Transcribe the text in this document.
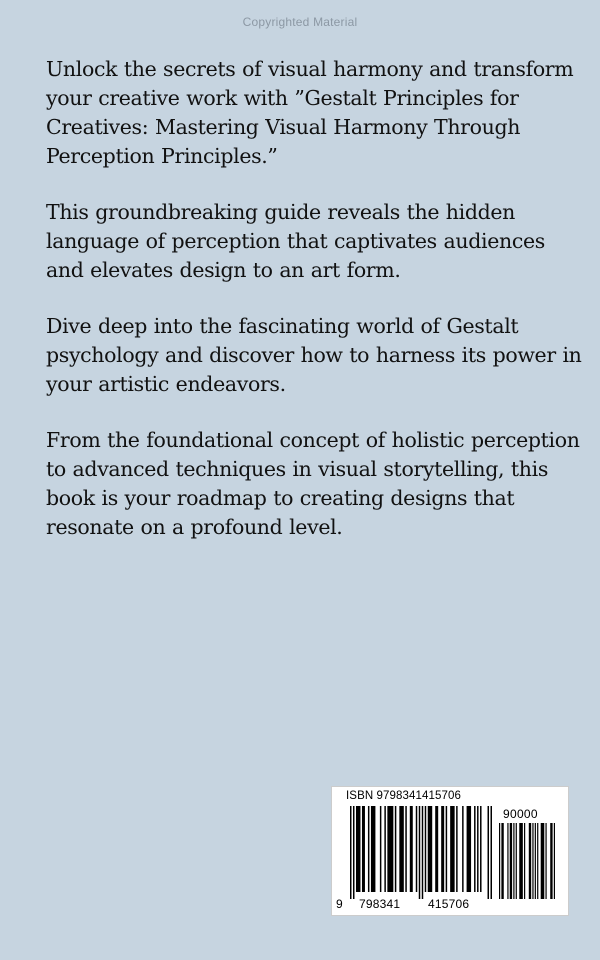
Copyrighted Material

Unlock the secrets of visual harmony and transform your creative work with ”Gestalt Principles for Creatives: Mastering Visual Harmony Through Perception Principles.”

This groundbreaking guide reveals the hidden language of perception that captivates audiences and elevates design to an art form.

Dive deep into the fascinating world of Gestalt psychology and discover how to harness its power in your artistic endeavors.

From the foundational concept of holistic perception to advanced techniques in visual storytelling, this book is your roadmap to creating designs that resonate on a profound level.

ISBN 9798341415706
90000
9 798341 415706
